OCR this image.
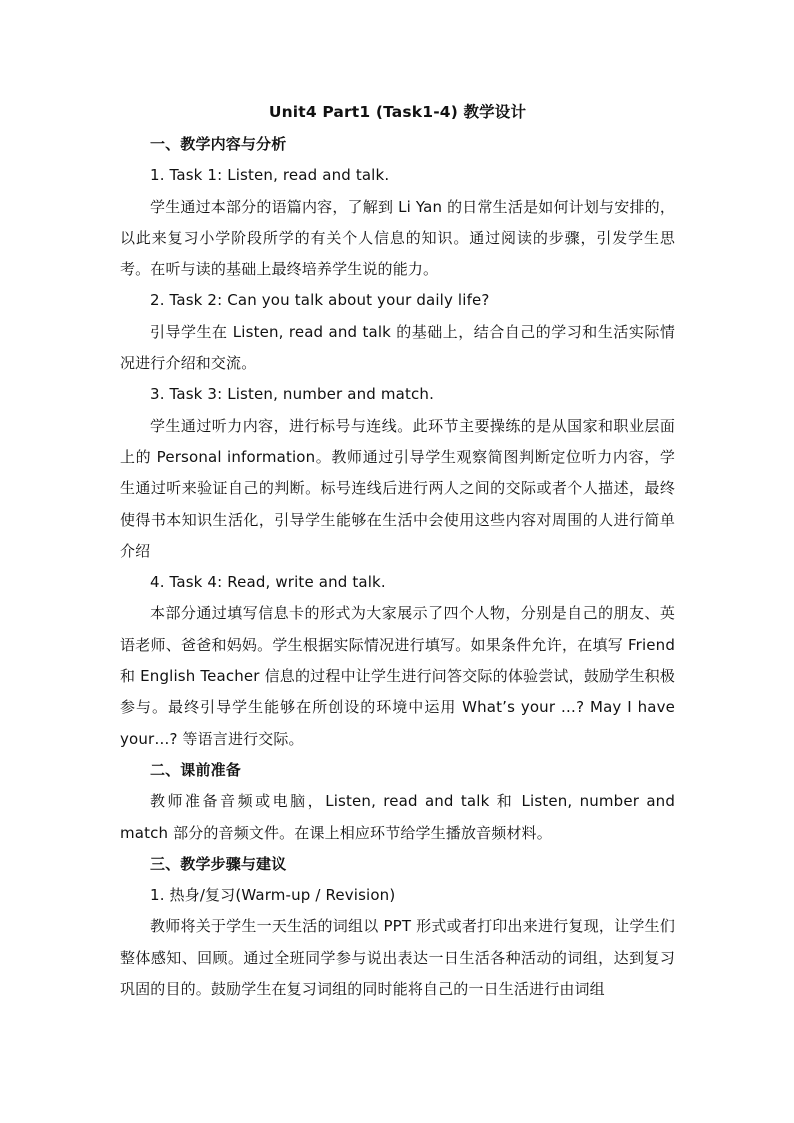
Unit4 Part1 (Task1-4) 教学设计

一、教学内容与分析

1. Task 1: Listen, read and talk.

学生通过本部分的语篇内容，了解到 Li Yan 的日常生活是如何计划与安排的，以此来复习小学阶段所学的有关个人信息的知识。通过阅读的步骤，引发学生思考。在听与读的基础上最终培养学生说的能力。

2. Task 2: Can you talk about your daily life?

引导学生在 Listen, read and talk 的基础上，结合自己的学习和生活实际情况进行介绍和交流。

3. Task 3: Listen, number and match.

学生通过听力内容，进行标号与连线。此环节主要操练的是从国家和职业层面上的 Personal information。教师通过引导学生观察简图判断定位听力内容，学生通过听来验证自己的判断。标号连线后进行两人之间的交际或者个人描述，最终使得书本知识生活化，引导学生能够在生活中会使用这些内容对周围的人进行简单介绍

4. Task 4: Read, write and talk.

本部分通过填写信息卡的形式为大家展示了四个人物，分别是自己的朋友、英语老师、爸爸和妈妈。学生根据实际情况进行填写。如果条件允许，在填写 Friend 和 English Teacher 信息的过程中让学生进行问答交际的体验尝试，鼓励学生积极参与。最终引导学生能够在所创设的环境中运用 What’s your …? May I have your…? 等语言进行交际。

二、课前准备

教师准备音频或电脑，Listen, read and talk 和 Listen, number and match 部分的音频文件。在课上相应环节给学生播放音频材料。

三、教学步骤与建议

1. 热身/复习(Warm-up / Revision)

教师将关于学生一天生活的词组以 PPT 形式或者打印出来进行复现，让学生们整体感知、回顾。通过全班同学参与说出表达一日生活各种活动的词组，达到复习巩固的目的。鼓励学生在复习词组的同时能将自己的一日生活进行由词组
